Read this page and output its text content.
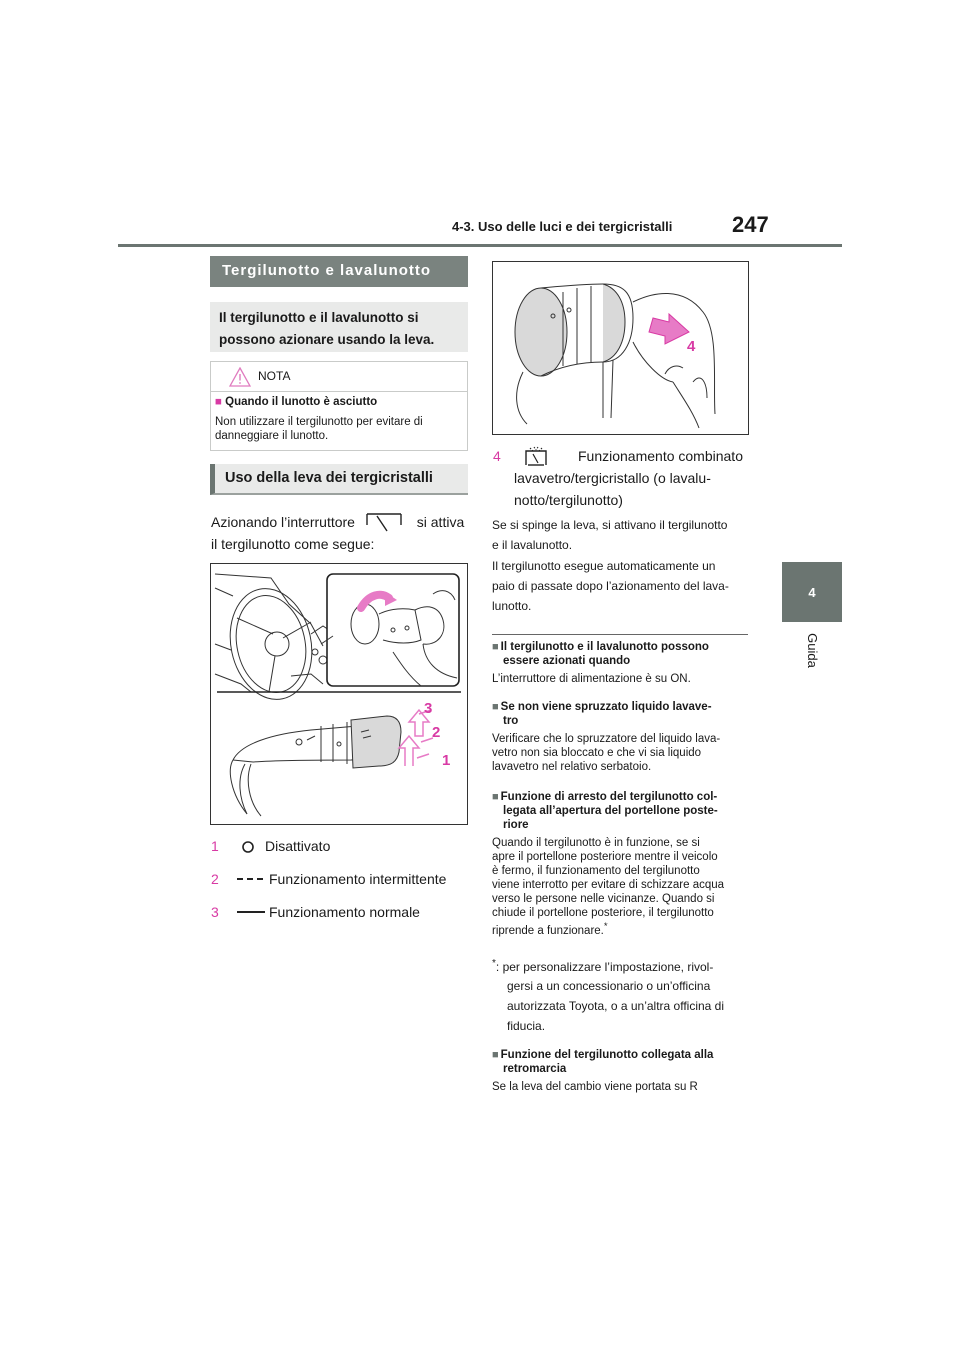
4-3. Uso delle luci e dei tergicristalli	247
4
Guida
Tergilunotto e lavalunotto
Il tergilunotto e il lavalunotto si
possono azionare usando la leva.
NOTA
■ Quando il lunotto è asciutto
Non utilizzare il tergilunotto per evitare di
danneggiare il lunotto.
Uso della leva dei tergicristalli
Azionando l’interruttore	si attiva
il tergilunotto come segue:
3
2
1
1	Disattivato
2	Funzionamento intermittente
3	Funzionamento normale
4
4	Funzionamento combinato
lavavetro/tergicristallo (o lavalu-
notto/tergilunotto)
Se si spinge la leva, si attivano il tergilunotto
e il lavalunotto.
Il tergilunotto esegue automaticamente un
paio di passate dopo l’azionamento del lava-
lunotto.
■ Il tergilunotto e il lavalunotto possono
essere azionati quando
L’interruttore di alimentazione è su ON.
■ Se non viene spruzzato liquido lavave-
tro
Verificare che lo spruzzatore del liquido lava-
vetro non sia bloccato e che vi sia liquido
lavavetro nel relativo serbatoio.
■ Funzione di arresto del tergilunotto col-
legata all’apertura del portellone poste-
riore
Quando il tergilunotto è in funzione, se si
apre il portellone posteriore mentre il veicolo
è fermo, il funzionamento del tergilunotto
viene interrotto per evitare di schizzare acqua
verso le persone nelle vicinanze. Quando si
chiude il portellone posteriore, il tergilunotto
riprende a funzionare.*
*: per personalizzare l’impostazione, rivol-
gersi a un concessionario o un’officina
autorizzata Toyota, o a un’altra officina di
fiducia.
■ Funzione del tergilunotto collegata alla
retromarcia
Se la leva del cambio viene portata su R
